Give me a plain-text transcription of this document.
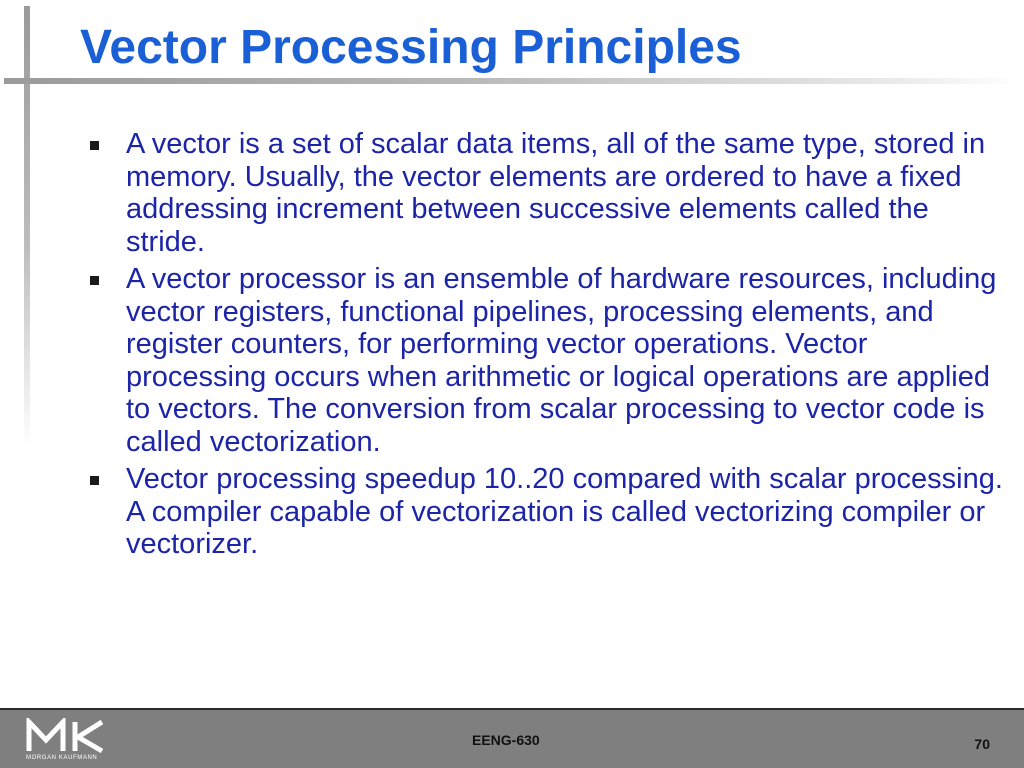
Vector Processing Principles
A vector is a set of scalar data items, all of the same type, stored in memory. Usually, the vector elements are ordered to have a fixed addressing increment between successive elements called the stride.
A vector processor is an ensemble of hardware resources, including vector registers, functional pipelines, processing elements, and register counters, for performing vector operations. Vector processing occurs when arithmetic or logical operations are applied to vectors. The conversion from scalar processing to vector code is called vectorization.
Vector processing speedup 10..20 compared with scalar processing. A compiler capable of vectorization is called vectorizing compiler or vectorizer.
MORGAN KAUFMANN
EENG-630	70
